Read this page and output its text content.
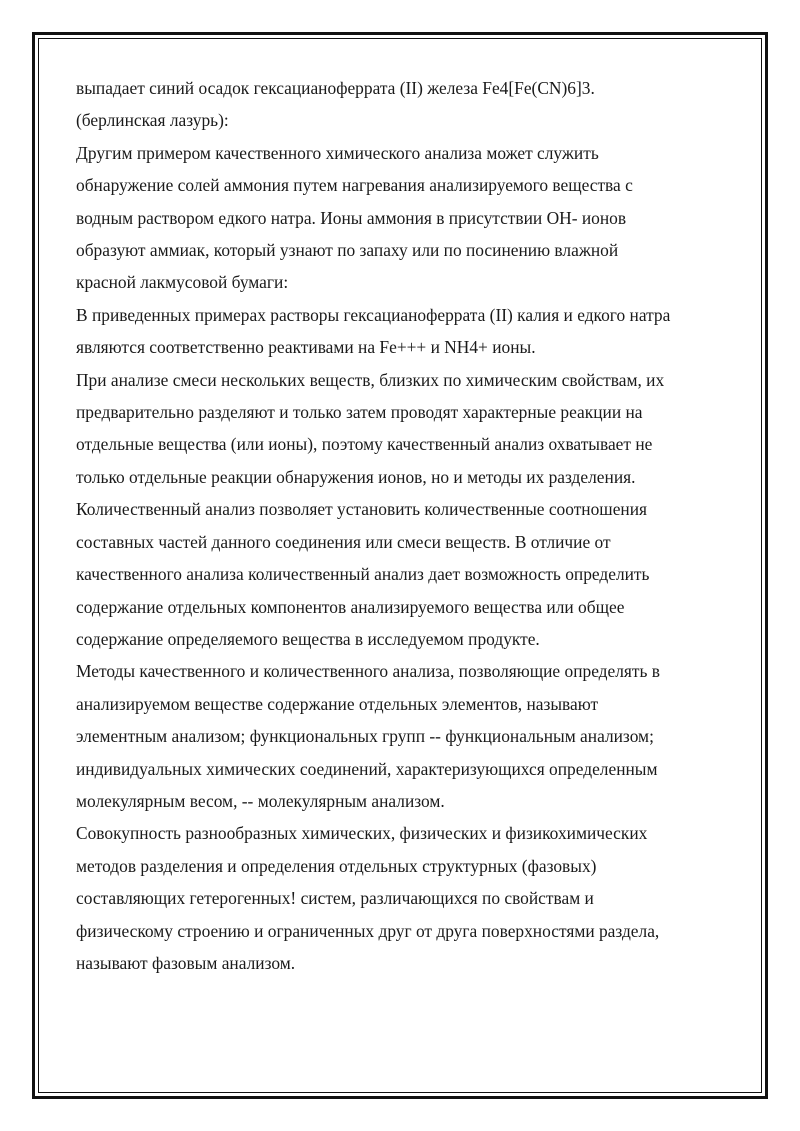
выпадает синий осадок гексацианоферрата (II) железа Fe4[Fe(CN)6]3.
(берлинская лазурь):
Другим примером качественного химического анализа может служить
обнаружение солей аммония путем нагревания анализируемого вещества с
водным раствором едкого натра. Ионы аммония в присутствии OH- ионов
образуют аммиак, который узнают по запаху или по посинению влажной
красной лакмусовой бумаги:
В приведенных примерах растворы гексацианоферрата (II) калия и едкого натра
являются соответственно реактивами на Fe+++ и NH4+ ионы.
При анализе смеси нескольких веществ, близких по химическим свойствам, их
предварительно разделяют и только затем проводят характерные реакции на
отдельные вещества (или ионы), поэтому качественный анализ охватывает не
только отдельные реакции обнаружения ионов, но и методы их разделения.
Количественный анализ позволяет установить количественные соотношения
составных частей данного соединения или смеси веществ. В отличие от
качественного анализа количественный анализ дает возможность определить
содержание отдельных компонентов анализируемого вещества или общее
содержание определяемого вещества в исследуемом продукте.
Методы качественного и количественного анализа, позволяющие определять в
анализируемом веществе содержание отдельных элементов, называют
элементным анализом; функциональных групп -- функциональным анализом;
индивидуальных химических соединений, характеризующихся определенным
молекулярным весом, -- молекулярным анализом.
Совокупность разнообразных химических, физических и физикохимических
методов разделения и определения отдельных структурных (фазовых)
составляющих гетерогенных! систем, различающихся по свойствам и
физическому строению и ограниченных друг от друга поверхностями раздела,
называют фазовым анализом.
